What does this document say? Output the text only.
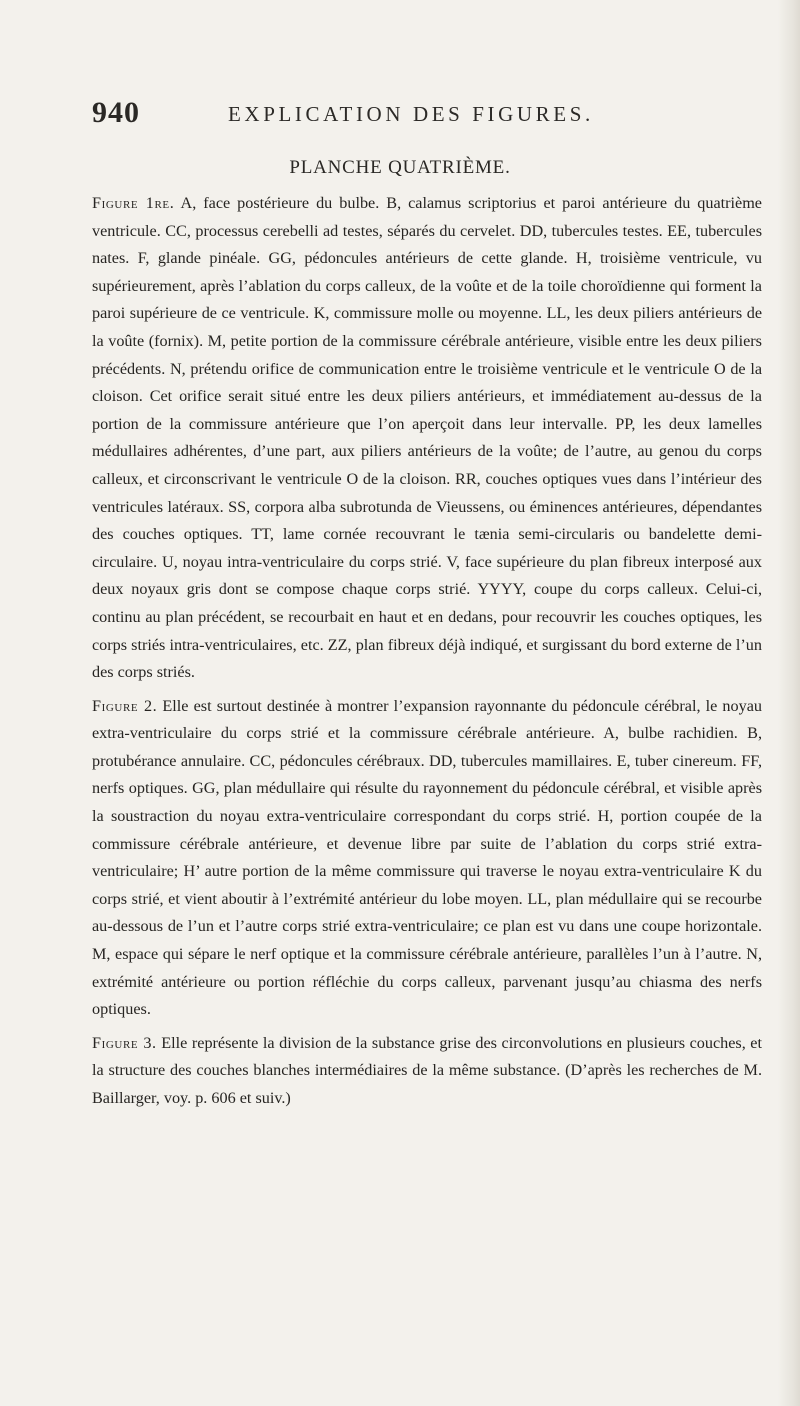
940	EXPLICATION DES FIGURES.
PLANCHE QUATRIÈME.

Figure 1re. A, face postérieure du bulbe. B, calamus scriptorius et paroi antérieure du quatrième ventricule. CC, processus cerebelli ad testes, séparés du cervelet. DD, tubercules testes. EE, tubercules nates. F, glande pinéale. GG, pédoncules antérieurs de cette glande. H, troisième ventricule, vu supérieurement, après l’ablation du corps calleux, de la voûte et de la toile choroïdienne qui forment la paroi supérieure de ce ventricule. K, commissure molle ou moyenne. LL, les deux piliers antérieurs de la voûte (fornix). M, petite portion de la commissure cérébrale antérieure, visible entre les deux piliers précédents. N, prétendu orifice de communication entre le troisième ventricule et le ventricule O de la cloison. Cet orifice serait situé entre les deux piliers antérieurs, et immédiatement au-dessus de la portion de la commissure antérieure que l’on aperçoit dans leur intervalle. PP, les deux lamelles médullaires adhérentes, d’une part, aux piliers antérieurs de la voûte; de l’autre, au genou du corps calleux, et circonscrivant le ventricule O de la cloison. RR, couches optiques vues dans l’intérieur des ventricules latéraux. SS, corpora alba subrotunda de Vieussens, ou éminences antérieures, dépendantes des couches optiques. TT, lame cornée recouvrant le tænia semi-circularis ou bandelette demi-circulaire. U, noyau intra-ventriculaire du corps strié. V, face supérieure du plan fibreux interposé aux deux noyaux gris dont se compose chaque corps strié. YYYY, coupe du corps calleux. Celui-ci, continu au plan précédent, se recourbait en haut et en dedans, pour recouvrir les couches optiques, les corps striés intra-ventriculaires, etc. ZZ, plan fibreux déjà indiqué, et surgissant du bord externe de l’un des corps striés.

Figure 2. Elle est surtout destinée à montrer l’expansion rayonnante du pédoncule cérébral, le noyau extra-ventriculaire du corps strié et la commissure cérébrale antérieure. A, bulbe rachidien. B, protubérance annulaire. CC, pédoncules cérébraux. DD, tubercules mamillaires. E, tuber cinereum. FF, nerfs optiques. GG, plan médullaire qui résulte du rayonnement du pédoncule cérébral, et visible après la soustraction du noyau extra-ventriculaire correspondant du corps strié. H, portion coupée de la commissure cérébrale antérieure, et devenue libre par suite de l’ablation du corps strié extra-ventriculaire; H’ autre portion de la même commissure qui traverse le noyau extra-ventriculaire K du corps strié, et vient aboutir à l’extrémité antérieur du lobe moyen. LL, plan médullaire qui se recourbe au-dessous de l’un et l’autre corps strié extra-ventriculaire; ce plan est vu dans une coupe horizontale. M, espace qui sépare le nerf optique et la commissure cérébrale antérieure, parallèles l’un à l’autre. N, extrémité antérieure ou portion réfléchie du corps calleux, parvenant jusqu’au chiasma des nerfs optiques.

Figure 3. Elle représente la division de la substance grise des circonvolutions en plusieurs couches, et la structure des couches blanches intermédiaires de la même substance. (D’après les recherches de M. Baillarger, voy. p. 606 et suiv.)
